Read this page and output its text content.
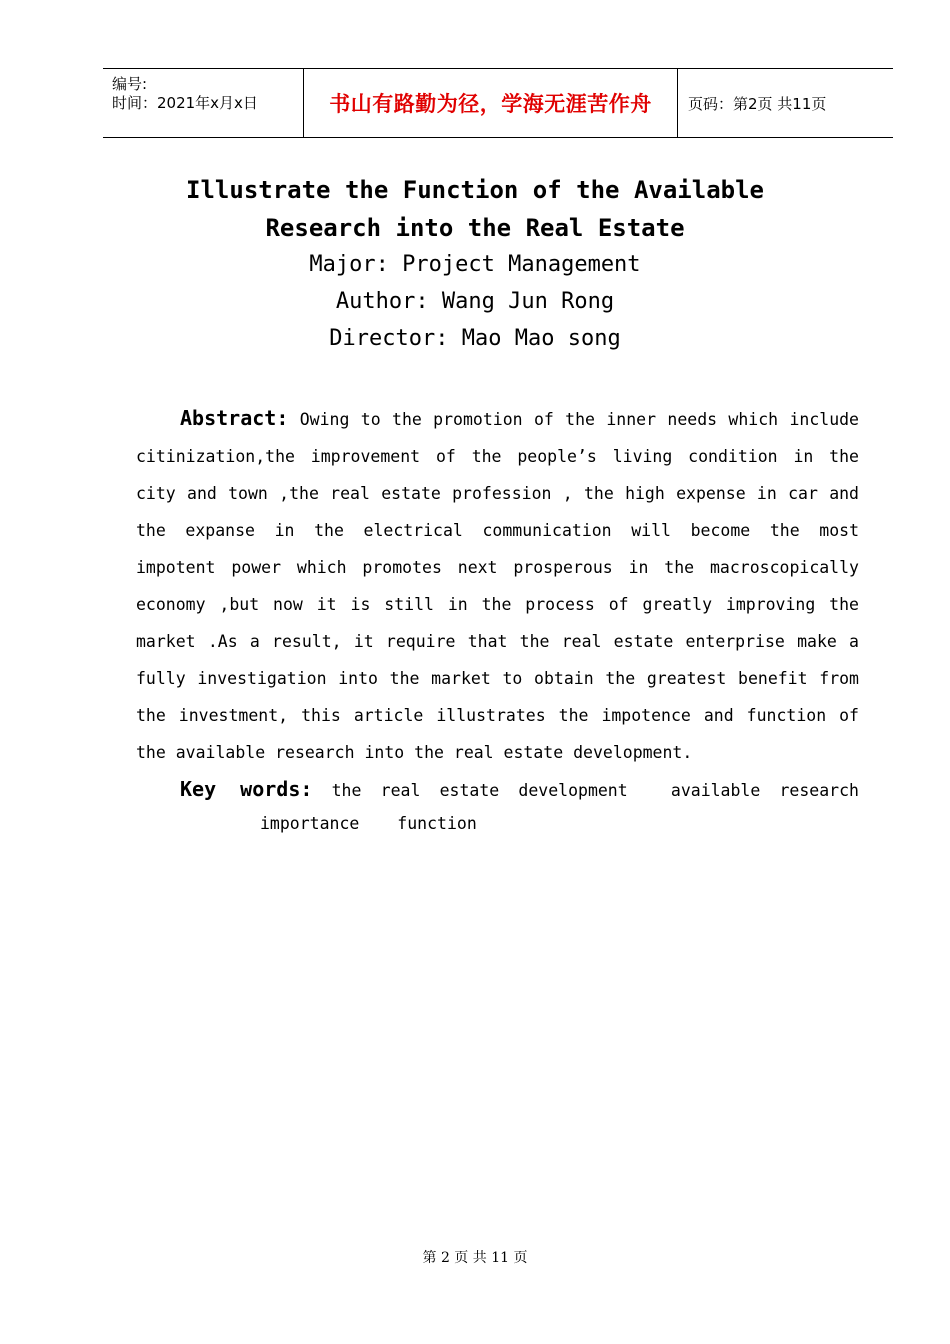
编号:
时间：2021年x月x日	书山有路勤为径，学海无涯苦作舟 页码：第2页 共11页
Illustrate the Function of the Available
Research into the Real Estate
Major: Project Management
Author: Wang Jun Rong
Director: Mao Mao song

Abstract: Owing to the promotion of the inner needs which include citinization,the improvement of the people’s living condition in the city and town ,the real estate profession , the high expense in car and the expanse in the electrical communication will become the most impotent power which promotes next prosperous in the macroscopically economy ,but now it is still in the process of greatly improving the market .As a result, it require that the real estate enterprise make a fully investigation into the market to obtain the greatest benefit from the investment, this article illustrates the impotence and function of the available research into the real estate development.

Key words: the real estate development	available research
importance function
第 2 页 共 11 页
